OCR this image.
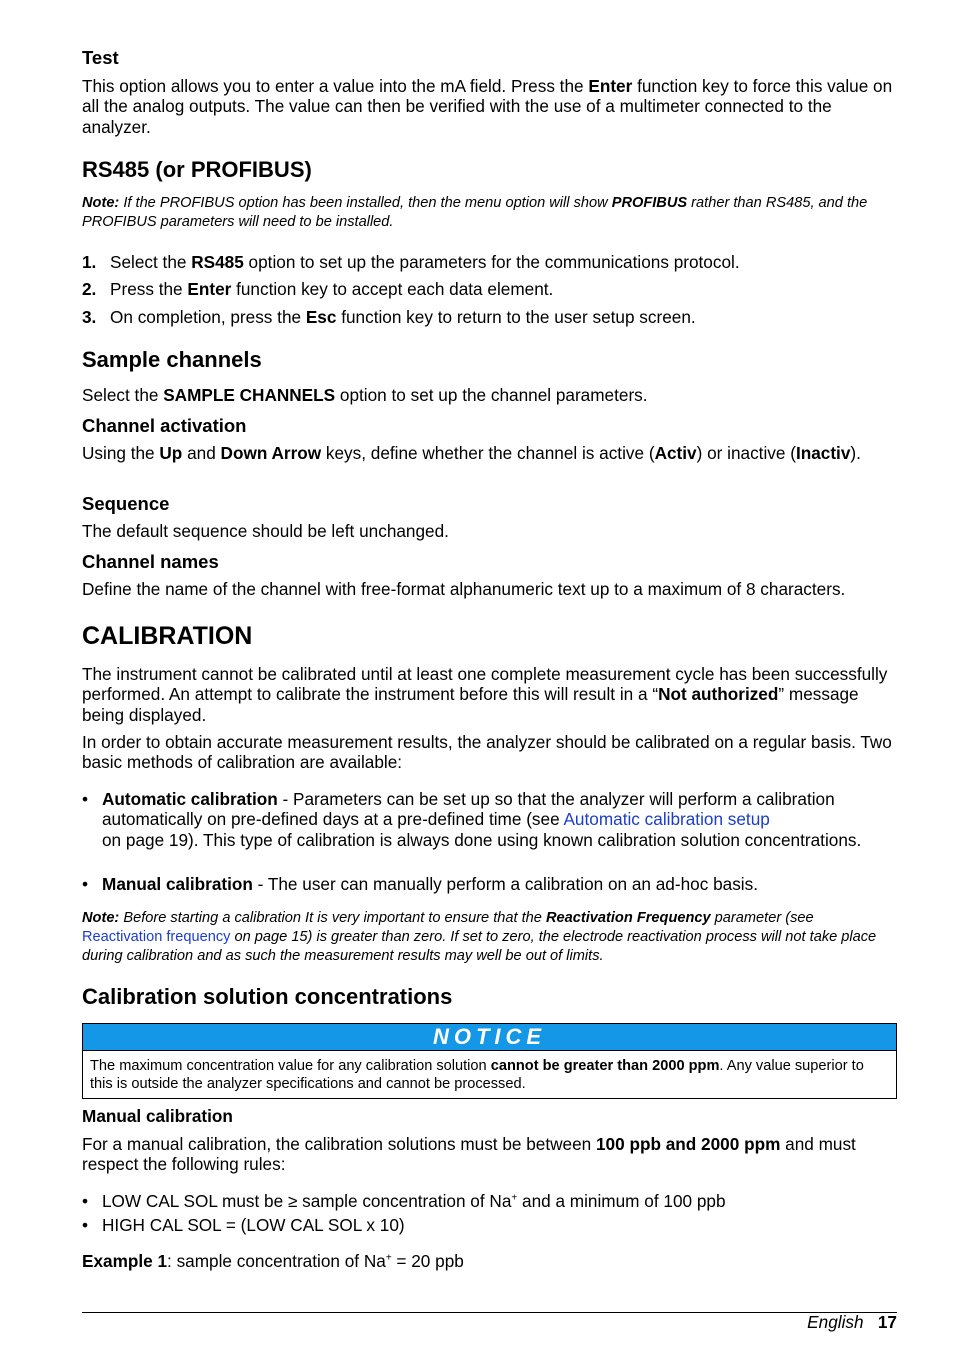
Test
This option allows you to enter a value into the mA field. Press the Enter function key to force this value on all the analog outputs. The value can then be verified with the use of a multimeter connected to the analyzer.
RS485 (or PROFIBUS)
Note: If the PROFIBUS option has been installed, then the menu option will show PROFIBUS rather than RS485, and the PROFIBUS parameters will need to be installed.
1. Select the RS485 option to set up the parameters for the communications protocol.
2. Press the Enter function key to accept each data element.
3. On completion, press the Esc function key to return to the user setup screen.
Sample channels
Select the SAMPLE CHANNELS option to set up the channel parameters.
Channel activation
Using the Up and Down Arrow keys, define whether the channel is active (Activ) or inactive (Inactiv).
Sequence
The default sequence should be left unchanged.
Channel names
Define the name of the channel with free-format alphanumeric text up to a maximum of 8 characters.
CALIBRATION
The instrument cannot be calibrated until at least one complete measurement cycle has been successfully performed. An attempt to calibrate the instrument before this will result in a “Not authorized” message being displayed.
In order to obtain accurate measurement results, the analyzer should be calibrated on a regular basis. Two basic methods of calibration are available:
• Automatic calibration - Parameters can be set up so that the analyzer will perform a calibration automatically on pre-defined days at a pre-defined time (see Automatic calibration setup
on page 19). This type of calibration is always done using known calibration solution concentrations.
• Manual calibration - The user can manually perform a calibration on an ad-hoc basis.
Note: Before starting a calibration It is very important to ensure that the Reactivation Frequency parameter (see Reactivation frequency on page 15) is greater than zero. If set to zero, the electrode reactivation process will not take place during calibration and as such the measurement results may well be out of limits.
Calibration solution concentrations
NOTICE
The maximum concentration value for any calibration solution cannot be greater than 2000 ppm. Any value superior to this is outside the analyzer specifications and cannot be processed.
Manual calibration
For a manual calibration, the calibration solutions must be between 100 ppb and 2000 ppm and must respect the following rules:
• LOW CAL SOL must be ≥ sample concentration of Na+ and a minimum of 100 ppb
• HIGH CAL SOL = (LOW CAL SOL x 10)
Example 1: sample concentration of Na+ = 20 ppb
English 17
